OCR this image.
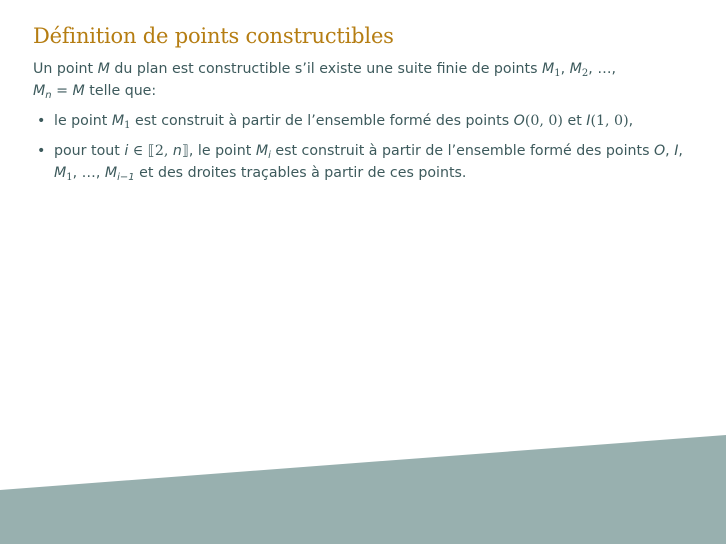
Définition de points constructibles

Un point M du plan est constructible s’il existe une suite finie de points $M_1$, $M_2$, …,
$M_n = M$ telle que:

• le point $M_1$ est construit à partir de l’ensemble formé des points O(0, 0) et I(1, 0),
• pour tout i ∈ ⟦2, n⟧, le point $M_i$ est construit à partir de l’ensemble formé des points O, I, $M_1$, …, $M_{i-1}$ et des droites traçables à partir de ces points.
